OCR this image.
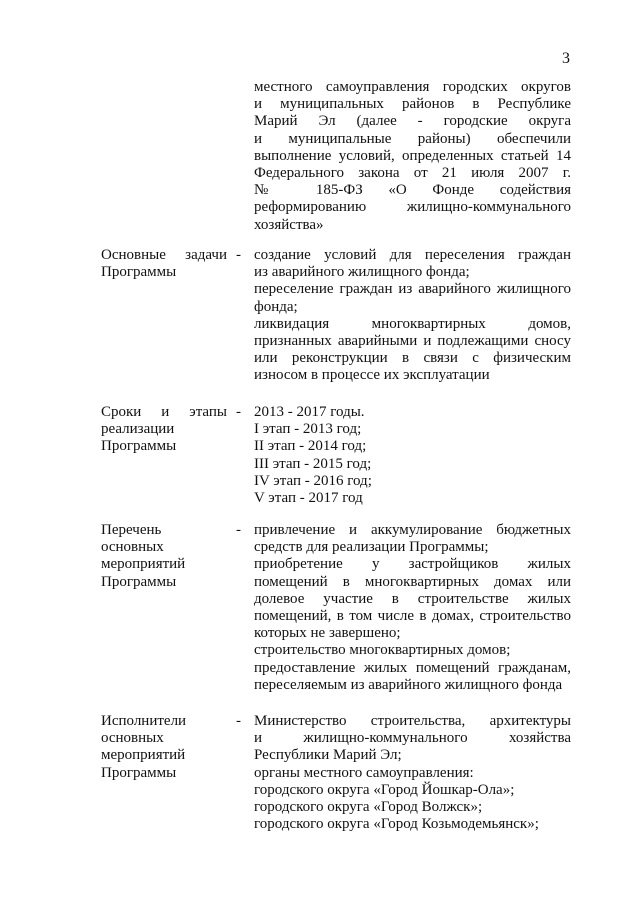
3
местного самоуправления городских округов
и муниципальных районов в Республике
Марий Эл (далее - городские округа
и муниципальные районы) обеспечили
выполнение условий, определенных статьей 14
Федерального закона от 21 июля 2007 г.
№ 185-ФЗ «О Фонде содействия
реформированию жилищно-коммунального
хозяйства»
Основные задачи
Программы
- создание условий для переселения граждан
из аварийного жилищного фонда;
переселение граждан из аварийного жилищного
фонда;
ликвидация многоквартирных домов,
признанных аварийными и подлежащими сносу
или реконструкции в связи с физическим
износом в процессе их эксплуатации
Сроки и этапы
реализации
Программы
- 2013 - 2017 годы.
I этап - 2013 год;
II этап - 2014 год;
III этап - 2015 год;
IV этап - 2016 год;
V этап - 2017 год
Перечень
основных
мероприятий
Программы
- привлечение и аккумулирование бюджетных
средств для реализации Программы;
приобретение у застройщиков жилых
помещений в многоквартирных домах или
долевое участие в строительстве жилых
помещений, в том числе в домах, строительство
которых не завершено;
строительство многоквартирных домов;
предоставление жилых помещений гражданам,
переселяемым из аварийного жилищного фонда
Исполнители
основных
мероприятий
Программы
- Министерство строительства, архитектуры
и жилищно-коммунального хозяйства
Республики Марий Эл;
органы местного самоуправления:
городского округа «Город Йошкар-Ола»;
городского округа «Город Волжск»;
городского округа «Город Козьмодемьянск»;
